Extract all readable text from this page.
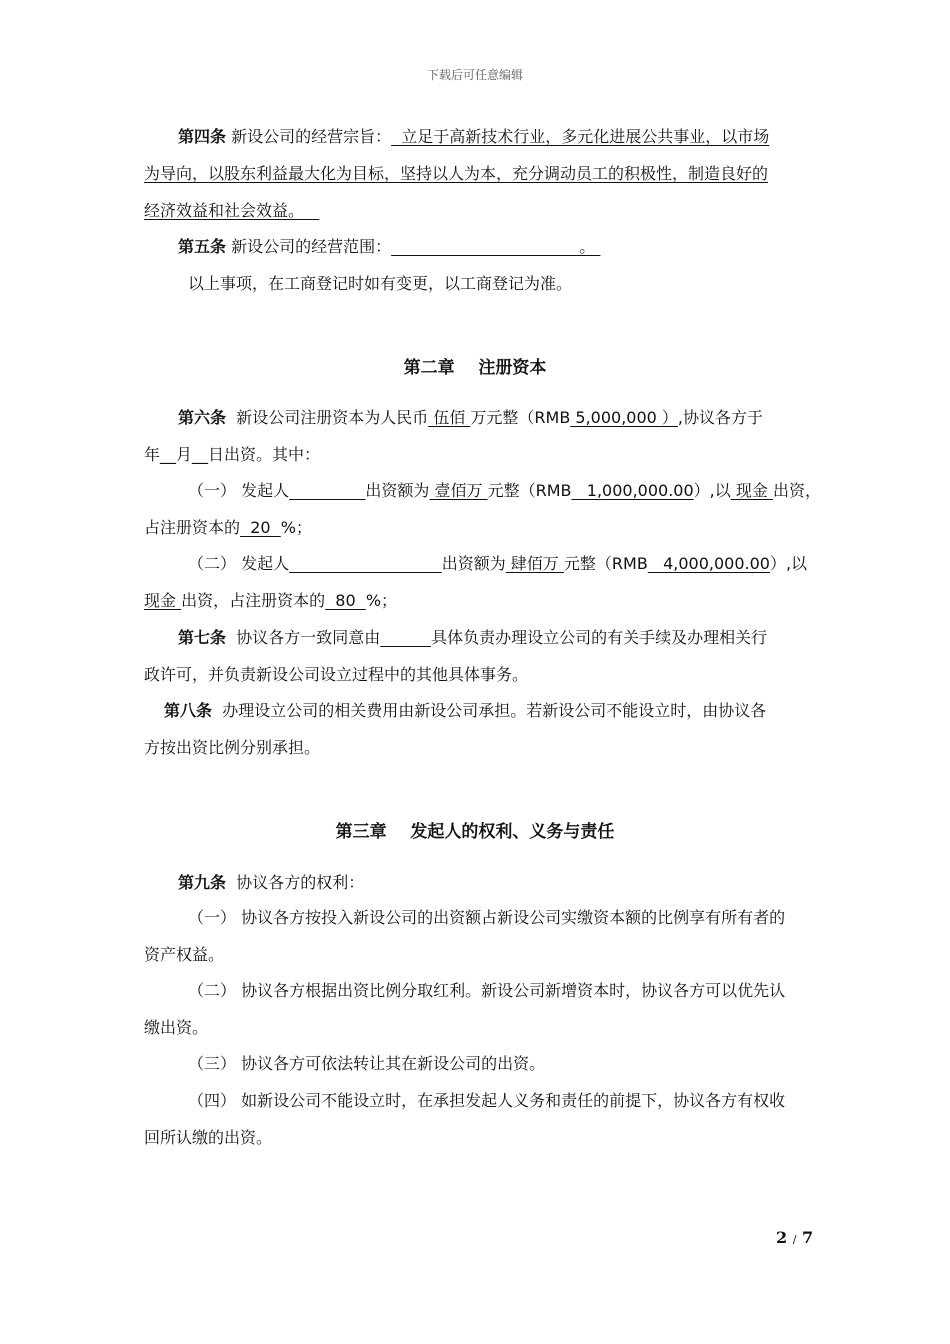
下载后可任意编辑
第四条 新设公司的经营宗旨：  立足于高新技术行业，多元化进展公共事业，以市场
为导向，以股东利益最大化为目标，坚持以人为本，充分调动员工的积极性，制造良好的
经济效益和社会效益。
第五条 新设公司的经营范围：                                     。
以上事项，在工商登记时如有变更，以工商登记为准。
第二章    注册资本
第六条 新设公司注册资本为人民币 伍佰 万元整（RMB 5,000,000 ）,协议各方于
年__月__日出资。其中：
（一） 发起人	出资额为 壹佰万 元整（RMB   1,000,000.00）,以 现金 出资，
占注册资本的  20  %；
（二） 发起人	出资额为 肆佰万 元整（RMB   4,000,000.00）,以
现金 出资，占注册资本的  80  %；
第七条 协议各方一致同意由	具体负责办理设立公司的有关手续及办理相关行
政许可，并负责新设公司设立过程中的其他具体事务。
第八条 办理设立公司的相关费用由新设公司承担。若新设公司不能设立时，由协议各
方按出资比例分别承担。
第三章    发起人的权利、义务与责任
第九条 协议各方的权利：
（一） 协议各方按投入新设公司的出资额占新设公司实缴资本额的比例享有所有者的
资产权益。
（二） 协议各方根据出资比例分取红利。新设公司新增资本时，协议各方可以优先认
缴出资。
（三） 协议各方可依法转让其在新设公司的出资。
（四） 如新设公司不能设立时，在承担发起人义务和责任的前提下，协议各方有权收
回所认缴的出资。
2 / 7
